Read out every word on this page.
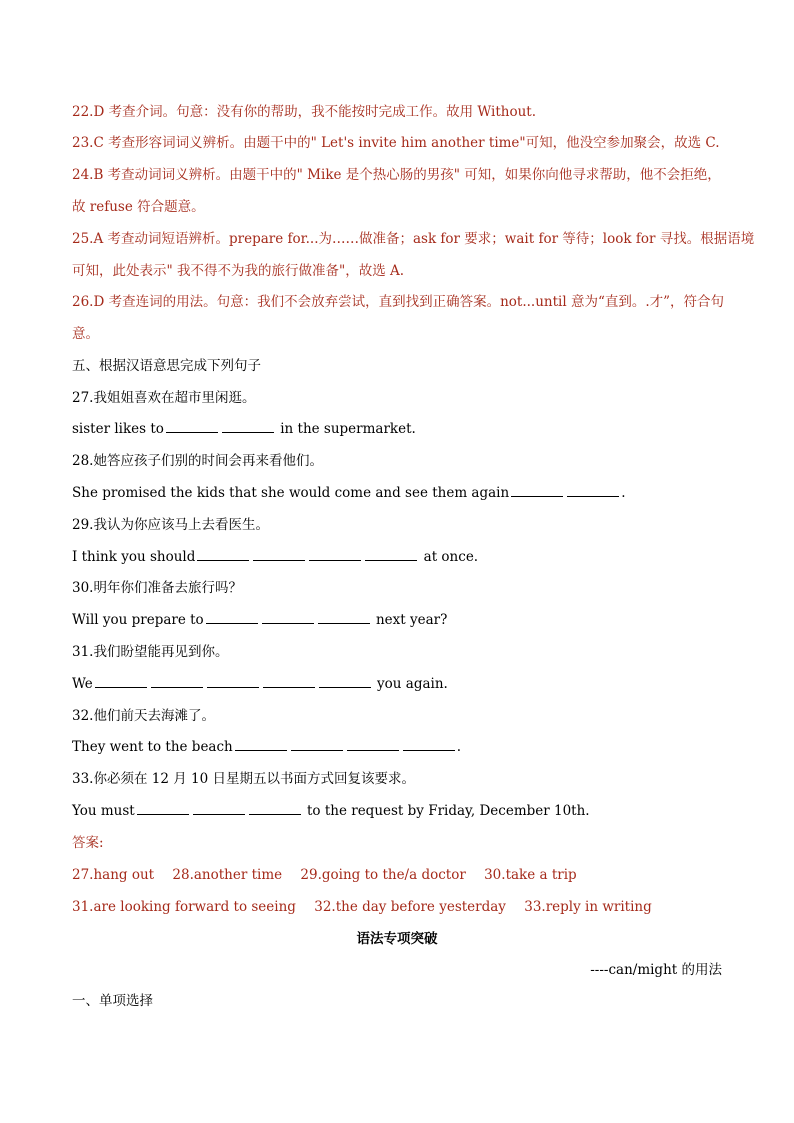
22.D 考查介词。句意：没有你的帮助，我不能按时完成工作。故用 Without.
23.C 考查形容词词义辨析。由题干中的" Let's invite him another time"可知，他没空参加聚会，故选 C.
24.B 考查动词词义辨析。由题干中的" Mike 是个热心肠的男孩" 可知，如果你向他寻求帮助，他不会拒绝，
故 refuse 符合题意。
25.A 考查动词短语辨析。prepare for...为……做准备；ask for 要求；wait for 等待；look for 寻找。根据语境
可知，此处表示" 我不得不为我的旅行做准备"，故选 A.
26.D 考查连词的用法。句意：我们不会放弃尝试，直到找到正确答案。not...until 意为“直到。.才”，符合句
意。
五、根据汉语意思完成下列句子
27.我姐姐喜欢在超市里闲逛。
sister likes to	in the supermarket.
28.她答应孩子们别的时间会再来看他们。
She promised the kids that she would come and see them again	.
29.我认为你应该马上去看医生。
I think you should	at once.
30.明年你们准备去旅行吗？
Will you prepare to	next year?
31.我们盼望能再见到你。
We	you again.
32.他们前天去海滩了。
They went to the beach	.
33.你必须在 12 月 10 日星期五以书面方式回复该要求。
You must	to the request by Friday, December 10th.
答案:
27.hang out 28.another time 29.going to the/a doctor 30.take a trip
31.are looking forward to seeing 32.the day before yesterday 33.reply in writing
语法专项突破
----can/might 的用法
一、单项选择
